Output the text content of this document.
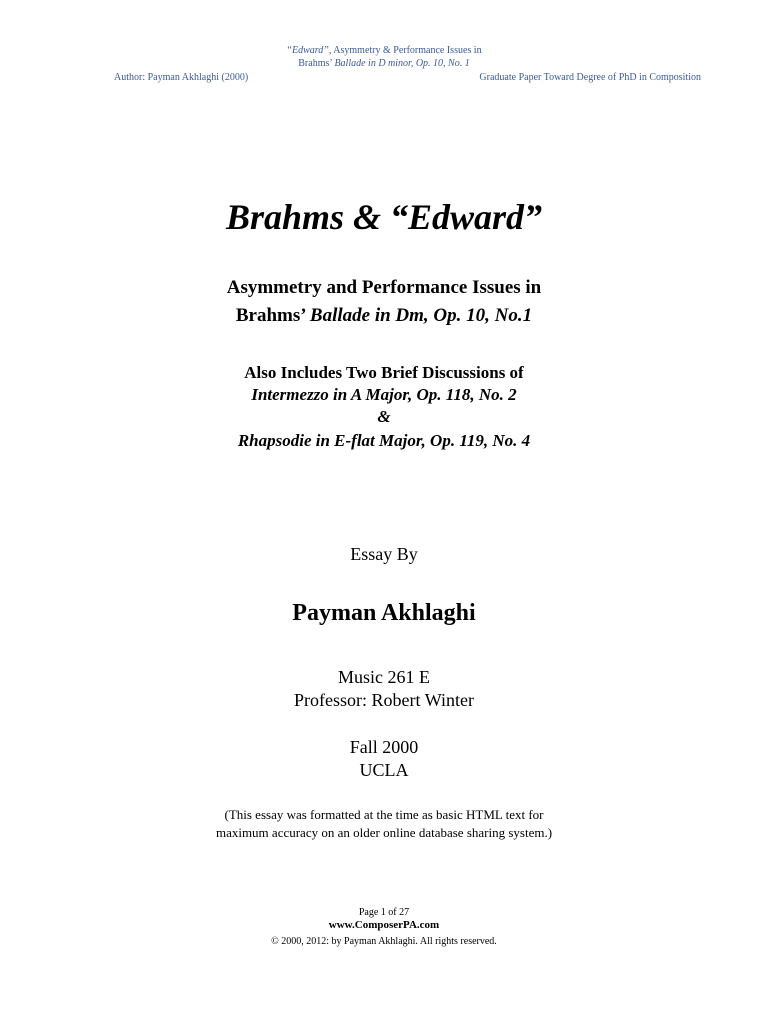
“Edward”, Asymmetry & Performance Issues in
Brahms’ Ballade in D minor, Op. 10, No. 1
Author: Payman Akhlaghi (2000)	Graduate Paper Toward Degree of PhD in Composition
Brahms & “Edward”
Asymmetry and Performance Issues in
Brahms’ Ballade in Dm, Op. 10, No.1
Also Includes Two Brief Discussions of
Intermezzo in A Major, Op. 118, No. 2
&
Rhapsodie in E-flat Major, Op. 119, No. 4
Essay By
Payman Akhlaghi
Music 261 E
Professor: Robert Winter
Fall 2000
UCLA
(This essay was formatted at the time as basic HTML text for
maximum accuracy on an older online database sharing system.)
Page 1 of 27
www.ComposerPA.com
© 2000, 2012: by Payman Akhlaghi. All rights reserved.
